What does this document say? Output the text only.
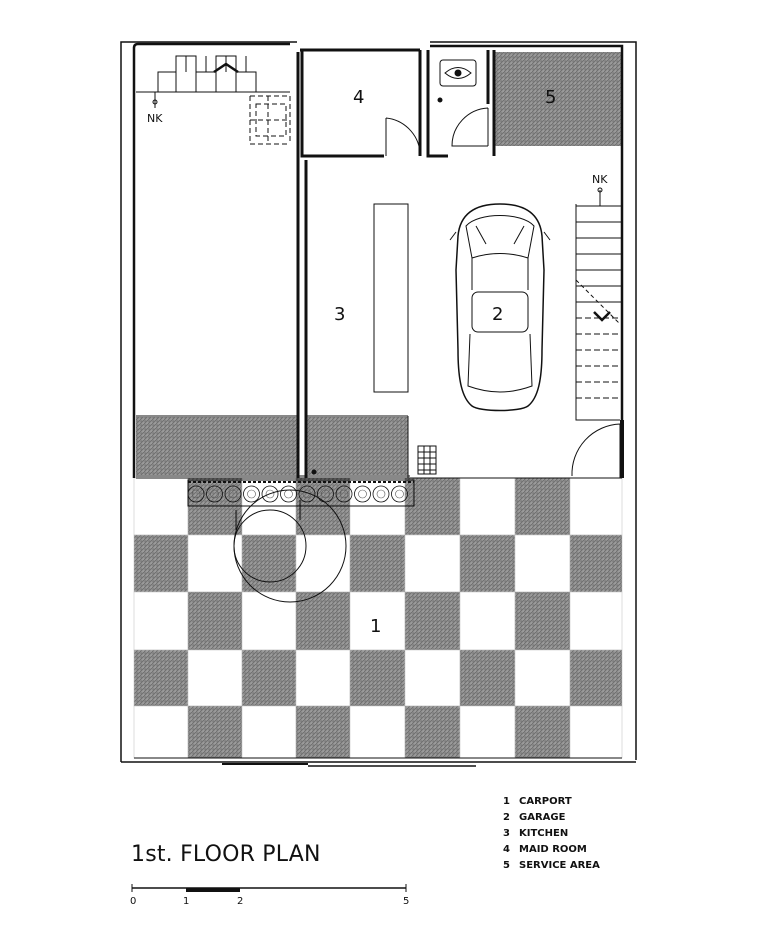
NK
NK
1
2
3
4	5
1 CARPORT
2 GARAGE
3 KITCHEN
4 MAID ROOM
5 SERVICE AREA
1st. FLOOR PLAN
0	1	2	5
